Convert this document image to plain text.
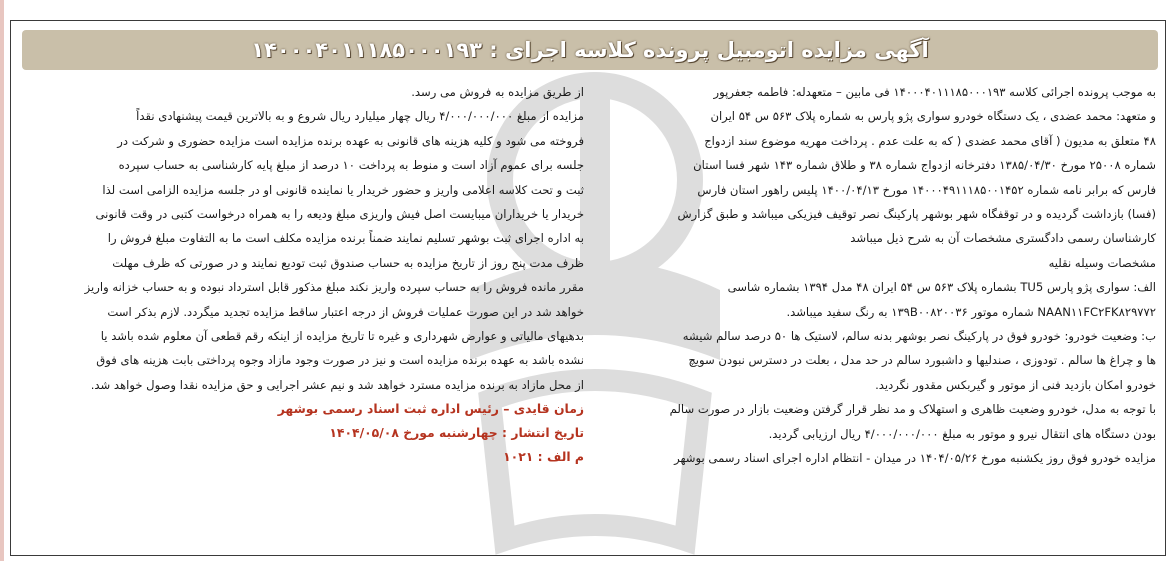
آگهی مزایده اتومبیل پرونده کلاسه اجرای : ۱۴۰۰۰۴۰۱۱۱۸۵۰۰۰۱۹۳

به موجب پرونده اجرائی کلاسه ۱۴۰۰۰۴۰۱۱۱۸۵۰۰۰۱۹۳ فی مابین – متعهدله: فاطمه جعفرپور

و متعهد: محمد عضدی ، یک دستگاه خودرو سواری پژو پارس به شماره پلاک ۵۶۳ س ۵۴ ایران

۴۸ متعلق به مدیون ( آقای محمد عضدی ( که به علت عدم . پرداخت مهریه موضوع سند ازدواج

شماره ۲۵۰۰۸ مورخ ۱۳۸۵/۰۴/۳۰ دفترخانه ازدواج شماره ۳۸ و طلاق شماره ۱۴۳ شهر فسا استان

فارس که برابر نامه شماره ۱۴۰۰۰۴۹۱۱۱۸۵۰۰۱۴۵۲ مورخ ۱۴۰۰/۰۴/۱۳ پلیس راهور استان فارس

(فسا) بازداشت گردیده و در توقفگاه شهر بوشهر پارکینگ نصر توقیف فیزیکی میباشد و طبق گزارش

کارشناسان رسمی دادگستری مشخصات آن به شرح ذیل میباشد

مشخصات وسیله نقلیه

الف: سواری پژو پارس TU5 بشماره پلاک ۵۶۳ س ۵۴ ایران ۴۸ مدل ۱۳۹۴ بشماره شاسی

NAAN۱۱FC۲FK۸۲۹۷۷۲ شماره موتور ۱۳۹B۰۰۸۲۰۰۳۶ به رنگ سفید میباشد.

ب: وضعیت خودرو: خودرو فوق در پارکینگ نصر بوشهر بدنه سالم، لاستیک ها ۵۰ درصد سالم شیشه

ها و چراغ ها سالم . تودوزی ، صندلیها و داشبورد سالم در حد مدل ، بعلت در دسترس نبودن سویچ

خودرو امکان بازدید فنی از موتور و گیربکس مقدور نگردید.

با توجه به مدل، خودرو وضعیت ظاهری و استهلاک و مد نظر قرار گرفتن وضعیت بازار در صورت سالم

بودن دستگاه های انتقال نیرو و موتور به مبلغ ۴/۰۰۰/۰۰۰/۰۰۰ ریال ارزیابی گردید.

مزایده خودرو فوق روز یکشنبه مورخ ۱۴۰۴/۰۵/۲۶ در میدان - انتظام اداره اجرای اسناد رسمی بوشهر

از طریق مزایده به فروش می رسد.

مزایده از مبلغ ۴/۰۰۰/۰۰۰/۰۰۰ ریال چهار میلیارد ریال شروع و به بالاترین قیمت پیشنهادی نقداً

فروخته می شود و کلیه هزینه های قانونی به عهده برنده مزایده است مزایده حضوری و شرکت در

جلسه برای عموم آزاد است و منوط به پرداخت ۱۰ درصد از مبلغ پایه کارشناسی به حساب سپرده

ثبت و تحت کلاسه اعلامی واریز و حضور خریدار یا نماینده قانونی او در جلسه مزایده الزامی است لذا

خریدار یا خریداران میبایست اصل فیش واریزی مبلغ ودیعه را به همراه درخواست کتبی در وقت قانونی

به اداره اجرای ثبت بوشهر تسلیم نمایند ضمناً برنده مزایده مکلف است ما به التفاوت مبلغ فروش را

ظرف مدت پنج روز از تاریخ مزایده به حساب صندوق ثبت تودیع نمایند و در صورتی که ظرف مهلت

مقرر مانده فروش را به حساب سپرده واریز نکند مبلغ مذکور قابل استرداد نبوده و به حساب خزانه واریز

خواهد شد در این صورت عملیات فروش از درجه اعتبار ساقط مزایده تجدید میگردد. لازم بذکر است

بدهیهای مالیاتی و عوارض شهرداری و غیره تا تاریخ مزایده از اینکه رقم قطعی آن معلوم شده باشد یا

نشده باشد به عهده برنده مزایده است و نیز در صورت وجود مازاد وجوه پرداختی بابت هزینه های فوق

از محل مازاد به برنده مزایده مسترد خواهد شد و نیم عشر اجرایی و حق مزایده نقدا وصول خواهد شد.

زمان قایدی – رئیس اداره ثبت اسناد رسمی بوشهر

تاریخ انتشار : چهارشنبه مورخ ۱۴۰۴/۰۵/۰۸

م الف : ۱۰۲۱
